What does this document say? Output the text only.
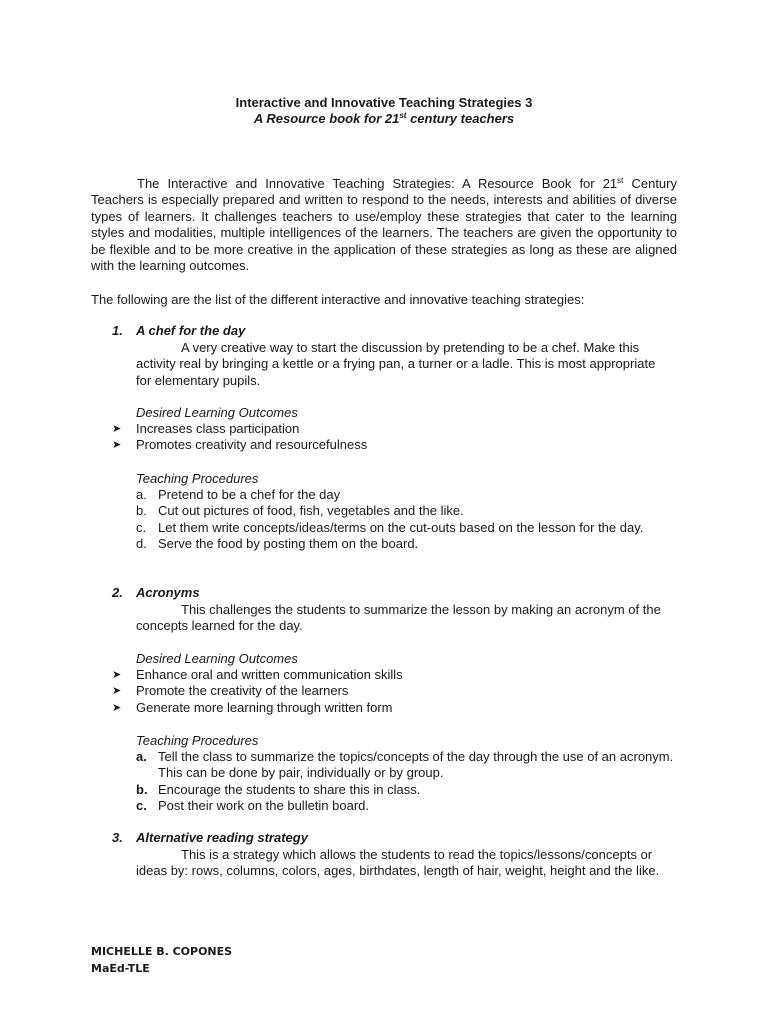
Interactive and Innovative Teaching Strategies 3
A Resource book for 21st century teachers

The Interactive and Innovative Teaching Strategies: A Resource Book for 21st Century Teachers is especially prepared and written to respond to the needs, interests and abilities of diverse types of learners. It challenges teachers to use/employ these strategies that cater to the learning styles and modalities, multiple intelligences of the learners. The teachers are given the opportunity to be flexible and to be more creative in the application of these strategies as long as these are aligned with the learning outcomes.

The following are the list of the different interactive and innovative teaching strategies:

1. A chef for the day

A very creative way to start the discussion by pretending to be a chef. Make this activity real by bringing a kettle or a frying pan, a turner or a ladle. This is most appropriate for elementary pupils.

Desired Learning Outcomes
➤ Increases class participation
➤ Promotes creativity and resourcefulness
Teaching Procedures
a. Pretend to be a chef for the day
b. Cut out pictures of food, fish, vegetables and the like.
c. Let them write concepts/ideas/terms on the cut-outs based on the lesson for the day.
d. Serve the food by posting them on the board.
2. Acronyms

This challenges the students to summarize the lesson by making an acronym of the concepts learned for the day.

Desired Learning Outcomes
➤ Enhance oral and written communication skills
➤ Promote the creativity of the learners
➤ Generate more learning through written form
Teaching Procedures
a. Tell the class to summarize the topics/concepts of the day through the use of an acronym. This can be done by pair, individually or by group.
b. Encourage the students to share this in class.
c. Post their work on the bulletin board.
3. Alternative reading strategy

This is a strategy which allows the students to read the topics/lessons/concepts or ideas by: rows, columns, colors, ages, birthdates, length of hair, weight, height and the like.

MICHELLE B. COPONES
MaEd-TLE
